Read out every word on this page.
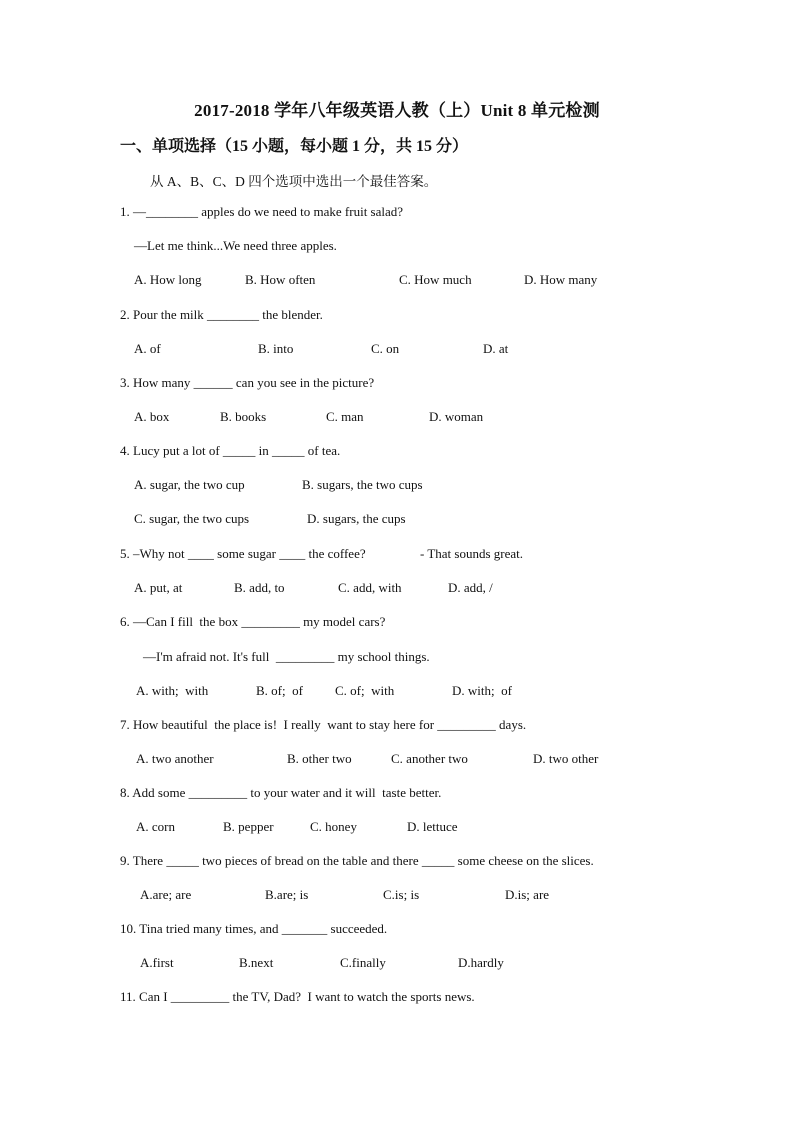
2017-2018 学年八年级英语人教（上）Unit 8 单元检测
一、单项选择（15 小题，每小题 1 分，共 15 分）
从 A、B、C、D 四个选项中选出一个最佳答案。
1. —________ apples do we need to make fruit salad?
—Let me think...We need three apples.
A. How long	B. How often	C. How much	D. How many
2. Pour the milk ________ the blender.
A. of	B. into	C. on	D. at
3. How many ______ can you see in the picture?
A. box	B. books	C. man	D. woman
4. Lucy put a lot of _____ in _____ of tea.
A. sugar, the two cup	B. sugars, the two cups
C. sugar, the two cups	D. sugars, the cups
5. –Why not ____ some sugar ____ the coffee?	- That sounds great.
A. put, at	B. add, to	C. add, with	D. add, /
6. —Can I fill  the box _________ my model cars?
—I'm afraid not. It's full  _________ my school things.
A. with;  with	B. of;  of C. of;  with	D. with;  of
7. How beautiful  the place is!  I really  want to stay here for _________ days.
A. two another	B. other two	C. another two	D. two other
8. Add some _________ to your water and it will  taste better.
A. corn	B. pepper	C. honey	D. lettuce
9. There _____ two pieces of bread on the table and there _____ some cheese on the slices.
A.are; are	B.are; is	C.is; is	D.is; are
10. Tina tried many times, and _______ succeeded.
A.first	B.next	C.finally	D.hardly
11. Can I _________ the TV, Dad?  I want to watch the sports news.
